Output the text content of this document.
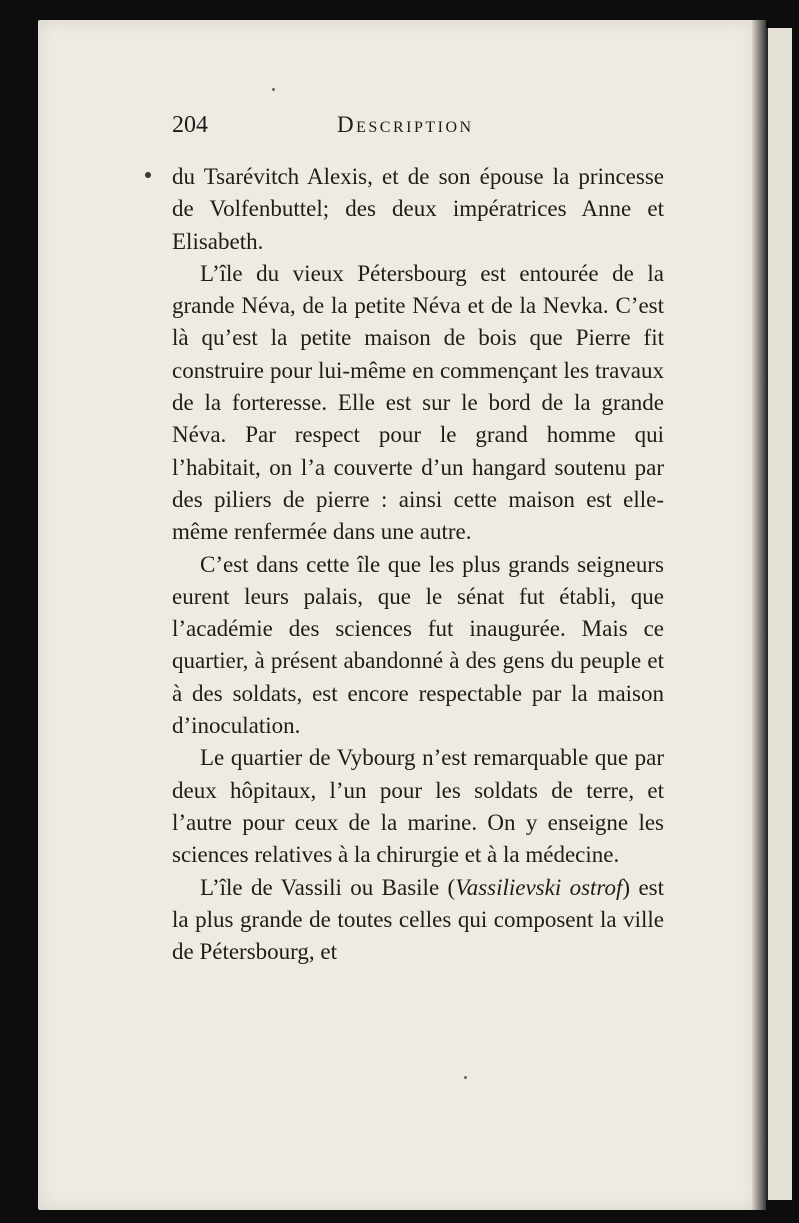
204	Description

du Tsarévitch Alexis, et de son épouse la princesse de Volfenbuttel; des deux impératrices Anne et Elisabeth.

L’île du vieux Pétersbourg est entourée de la grande Néva, de la petite Néva et de la Nevka. C’est là qu’est la petite maison de bois que Pierre fit construire pour lui-même en commençant les travaux de la forteresse. Elle est sur le bord de la grande Néva. Par respect pour le grand homme qui l’habitait, on l’a couverte d’un hangard soutenu par des piliers de pierre : ainsi cette maison est elle-même renfermée dans une autre.

C’est dans cette île que les plus grands seigneurs eurent leurs palais, que le sénat fut établi, que l’académie des sciences fut inaugurée. Mais ce quartier, à présent abandonné à des gens du peuple et à des soldats, est encore respectable par la maison d’inoculation.

Le quartier de Vybourg n’est remarquable que par deux hôpitaux, l’un pour les soldats de terre, et l’autre pour ceux de la marine. On y enseigne les sciences relatives à la chirurgie et à la médecine.

L’île de Vassili ou Basile (Vassilievski ostrof) est la plus grande de toutes celles qui composent la ville de Pétersbourg, et
